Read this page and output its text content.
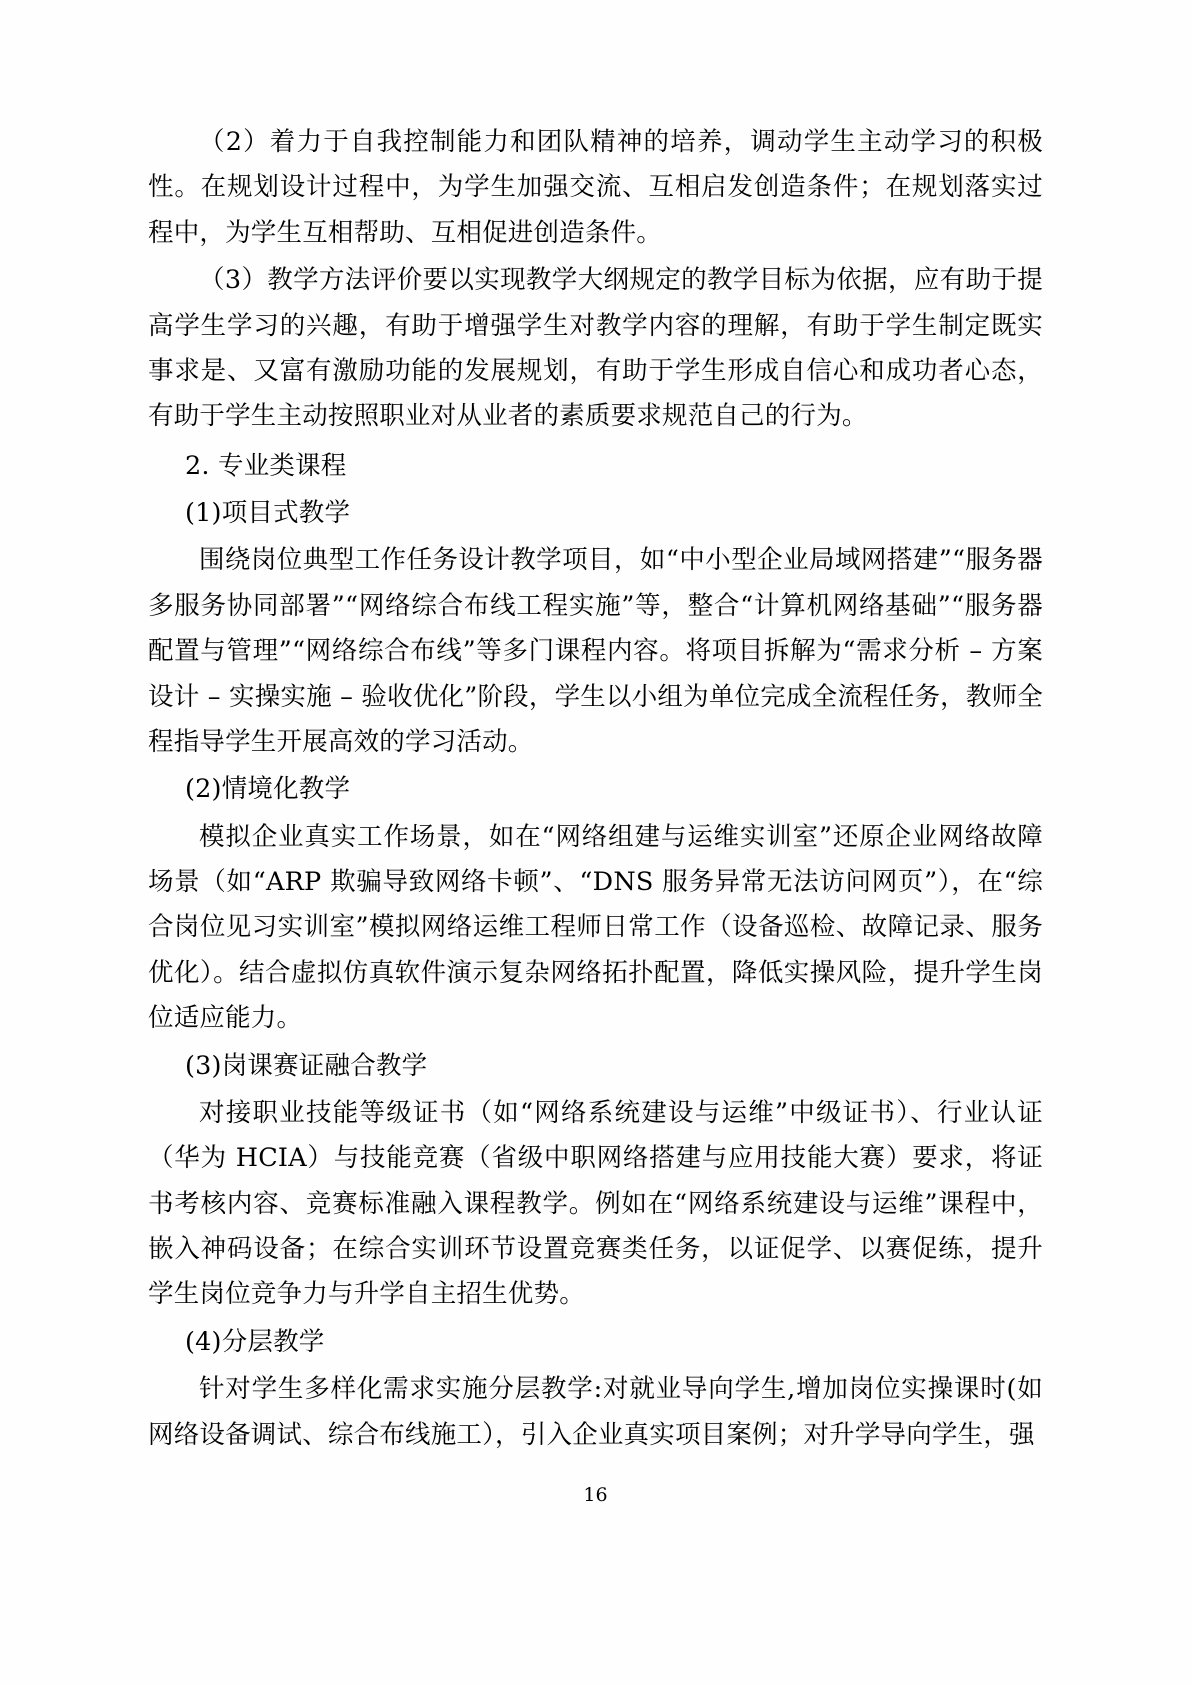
（2）着力于自我控制能力和团队精神的培养，调动学生主动学习的积极性。在规划设计过程中，为学生加强交流、互相启发创造条件；在规划落实过程中，为学生互相帮助、互相促进创造条件。

（3）教学方法评价要以实现教学大纲规定的教学目标为依据，应有助于提高学生学习的兴趣，有助于增强学生对教学内容的理解，有助于学生制定既实事求是、又富有激励功能的发展规划，有助于学生形成自信心和成功者心态，有助于学生主动按照职业对从业者的素质要求规范自己的行为。

2. 专业类课程

(1)项目式教学

围绕岗位典型工作任务设计教学项目，如“中小型企业局域网搭建”“服务器多服务协同部署”“网络综合布线工程实施”等，整合“计算机网络基础”“服务器配置与管理”“网络综合布线”等多门课程内容。将项目拆解为“需求分析 – 方案设计 – 实操实施 – 验收优化”阶段，学生以小组为单位完成全流程任务，教师全程指导学生开展高效的学习活动。

(2)情境化教学

模拟企业真实工作场景，如在“网络组建与运维实训室”还原企业网络故障场景（如“ARP 欺骗导致网络卡顿”、“DNS 服务异常无法访问网页”），在“综合岗位见习实训室”模拟网络运维工程师日常工作（设备巡检、故障记录、服务优化）。结合虚拟仿真软件演示复杂网络拓扑配置，降低实操风险，提升学生岗位适应能力。

(3)岗课赛证融合教学

对接职业技能等级证书（如“网络系统建设与运维”中级证书）、行业认证（华为 HCIA）与技能竞赛（省级中职网络搭建与应用技能大赛）要求，将证书考核内容、竞赛标准融入课程教学。例如在“网络系统建设与运维”课程中，嵌入神码设备；在综合实训环节设置竞赛类任务，以证促学、以赛促练，提升学生岗位竞争力与升学自主招生优势。

(4)分层教学

针对学生多样化需求实施分层教学:对就业导向学生,增加岗位实操课时(如网络设备调试、综合布线施工），引入企业真实项目案例；对升学导向学生，强

16
